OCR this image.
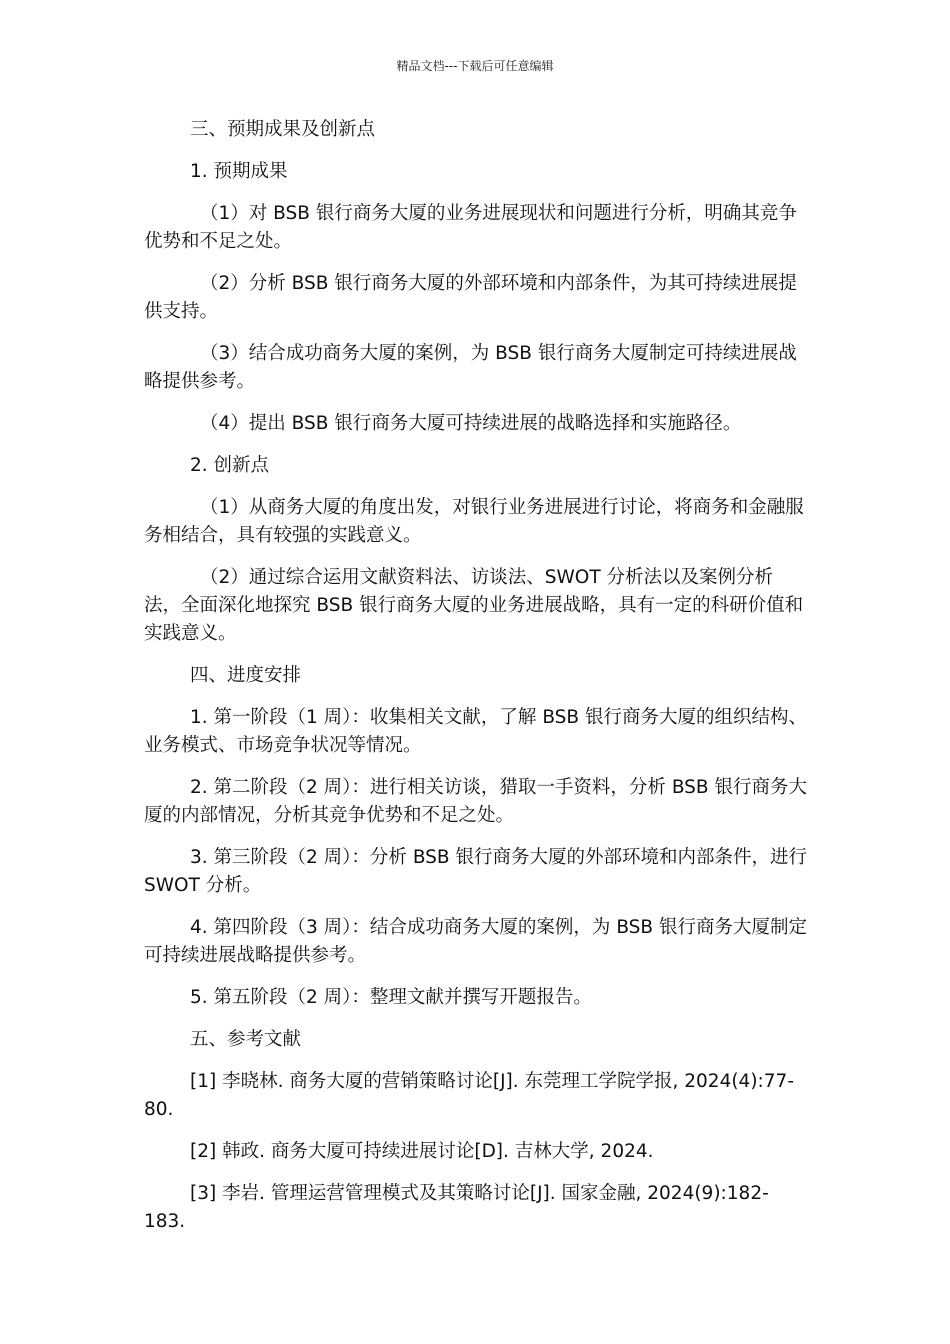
精品文档---下载后可任意编辑

三、预期成果及创新点

1. 预期成果

（1）对 BSB 银行商务大厦的业务进展现状和问题进行分析，明确其竞争优势和不足之处。

（2）分析 BSB 银行商务大厦的外部环境和内部条件，为其可持续进展提供支持。

（3）结合成功商务大厦的案例，为 BSB 银行商务大厦制定可持续进展战略提供参考。

（4）提出 BSB 银行商务大厦可持续进展的战略选择和实施路径。

2. 创新点

（1）从商务大厦的角度出发，对银行业务进展进行讨论，将商务和金融服务相结合，具有较强的实践意义。

（2）通过综合运用文献资料法、访谈法、SWOT 分析法以及案例分析法，全面深化地探究 BSB 银行商务大厦的业务进展战略，具有一定的科研价值和实践意义。

四、进度安排

1. 第一阶段（1 周）：收集相关文献，了解 BSB 银行商务大厦的组织结构、业务模式、市场竞争状况等情况。

2. 第二阶段（2 周）：进行相关访谈，猎取一手资料，分析 BSB 银行商务大厦的内部情况，分析其竞争优势和不足之处。

3. 第三阶段（2 周）：分析 BSB 银行商务大厦的外部环境和内部条件，进行 SWOT 分析。

4. 第四阶段（3 周）：结合成功商务大厦的案例，为 BSB 银行商务大厦制定可持续进展战略提供参考。

5. 第五阶段（2 周）：整理文献并撰写开题报告。

五、参考文献

[1] 李晓林. 商务大厦的营销策略讨论[J]. 东莞理工学院学报, 2024(4):77-80.

[2] 韩政. 商务大厦可持续进展讨论[D]. 吉林大学, 2024.

[3] 李岩. 管理运营管理模式及其策略讨论[J]. 国家金融, 2024(9):182-183.
